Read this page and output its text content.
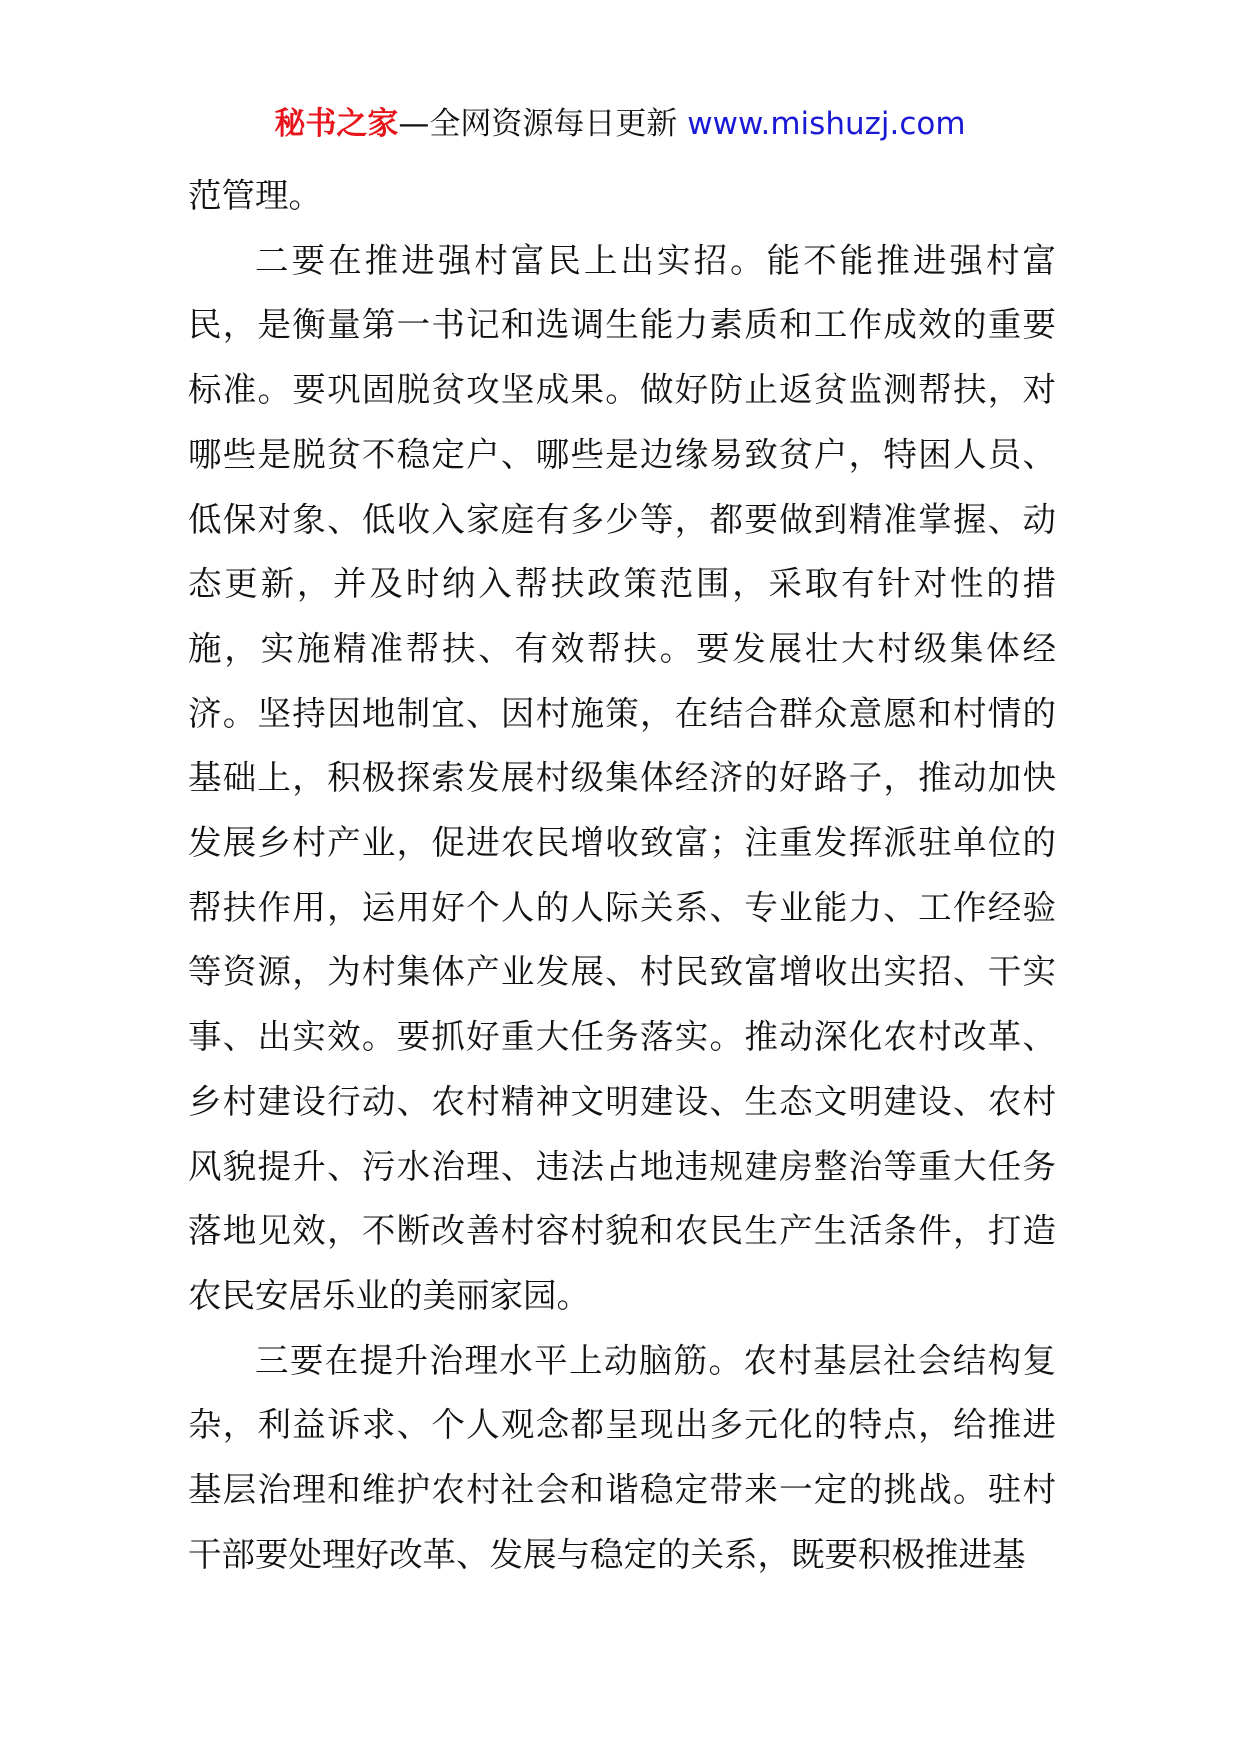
秘书之家—全网资源每日更新 www.mishuzj.com

范管理。

二要在推进强村富民上出实招。能不能推进强村富民，是衡量第一书记和选调生能力素质和工作成效的重要标准。要巩固脱贫攻坚成果。做好防止返贫监测帮扶，对哪些是脱贫不稳定户、哪些是边缘易致贫户，特困人员、低保对象、低收入家庭有多少等，都要做到精准掌握、动态更新，并及时纳入帮扶政策范围，采取有针对性的措施，实施精准帮扶、有效帮扶。要发展壮大村级集体经济。坚持因地制宜、因村施策，在结合群众意愿和村情的基础上，积极探索发展村级集体经济的好路子，推动加快发展乡村产业，促进农民增收致富；注重发挥派驻单位的帮扶作用，运用好个人的人际关系、专业能力、工作经验等资源，为村集体产业发展、村民致富增收出实招、干实事、出实效。要抓好重大任务落实。推动深化农村改革、乡村建设行动、农村精神文明建设、生态文明建设、农村风貌提升、污水治理、违法占地违规建房整治等重大任务落地见效，不断改善村容村貌和农民生产生活条件，打造农民安居乐业的美丽家园。

三要在提升治理水平上动脑筋。农村基层社会结构复杂，利益诉求、个人观念都呈现出多元化的特点，给推进基层治理和维护农村社会和谐稳定带来一定的挑战。驻村干部要处理好改革、发展与稳定的关系，既要积极推进基
